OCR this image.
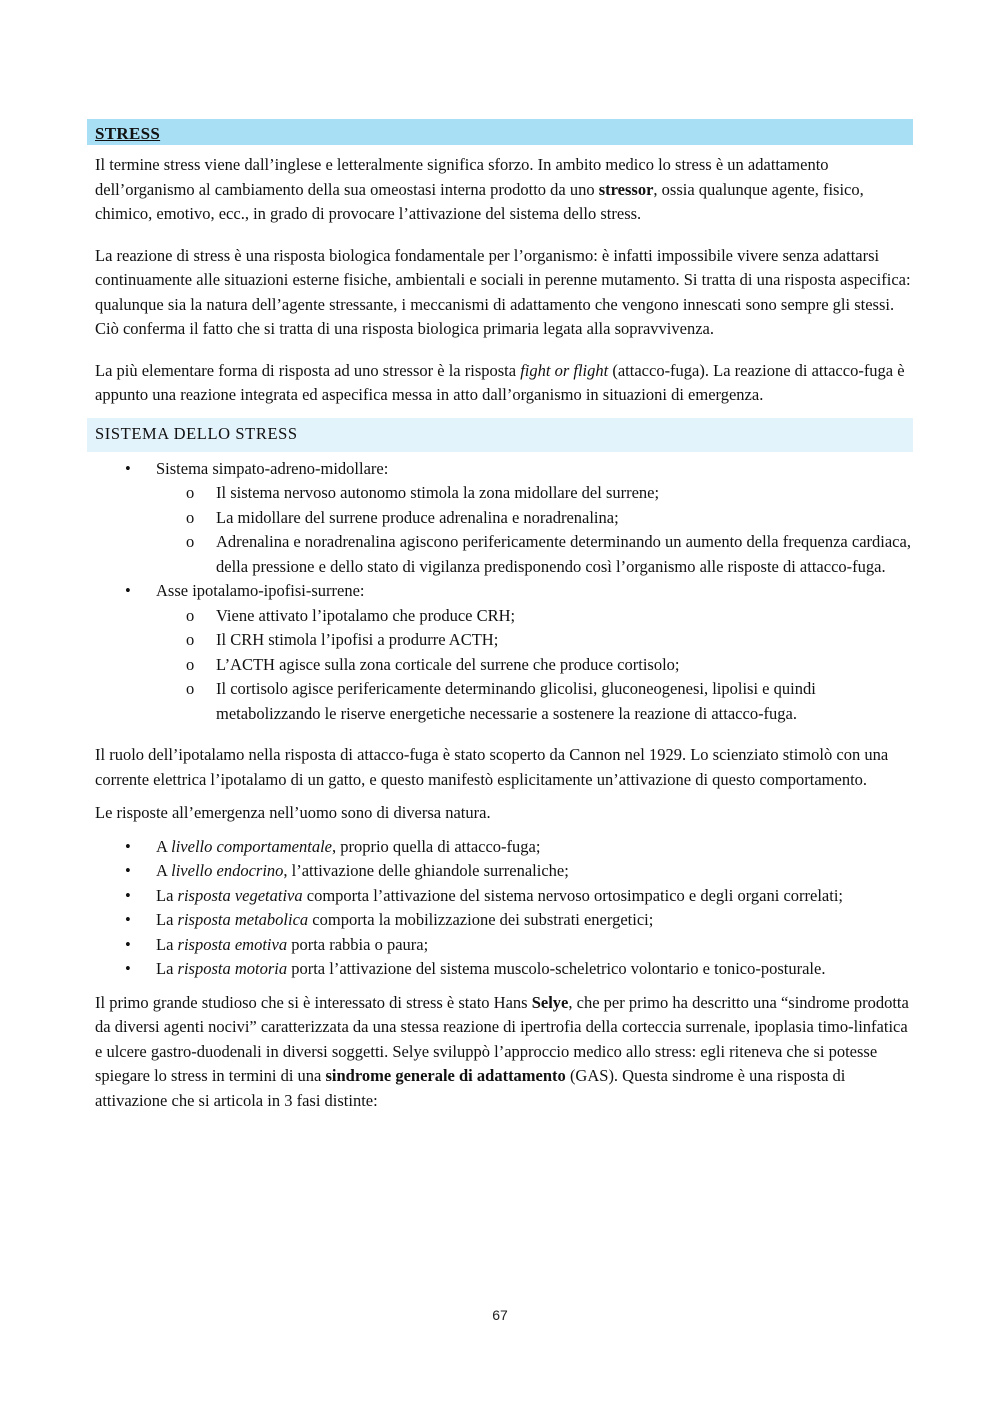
STRESS

Il termine stress viene dall’inglese e letteralmente significa sforzo. In ambito medico lo stress è un adattamento dell’organismo al cambiamento della sua omeostasi interna prodotto da uno stressor, ossia qualunque agente, fisico, chimico, emotivo, ecc., in grado di provocare l’attivazione del sistema dello stress.

La reazione di stress è una risposta biologica fondamentale per l’organismo: è infatti impossibile vivere senza adattarsi continuamente alle situazioni esterne fisiche, ambientali e sociali in perenne mutamento. Si tratta di una risposta aspecifica: qualunque sia la natura dell’agente stressante, i meccanismi di adattamento che vengono innescati sono sempre gli stessi. Ciò conferma il fatto che si tratta di una risposta biologica primaria legata alla sopravvivenza.

La più elementare forma di risposta ad uno stressor è la risposta fight or flight (attacco-fuga). La reazione di attacco-fuga è appunto una reazione integrata ed aspecifica messa in atto dall’organismo in situazioni di emergenza.

SISTEMA DELLO STRESS
• Sistema simpato-adreno-midollare:
o Il sistema nervoso autonomo stimola la zona midollare del surrene;
o La midollare del surrene produce adrenalina e noradrenalina;
o Adrenalina e noradrenalina agiscono perifericamente determinando un aumento della frequenza cardiaca, della pressione e dello stato di vigilanza predisponendo così l’organismo alle risposte di attacco-fuga.
• Asse ipotalamo-ipofisi-surrene:
o Viene attivato l’ipotalamo che produce CRH;
o Il CRH stimola l’ipofisi a produrre ACTH;
o L’ACTH agisce sulla zona corticale del surrene che produce cortisolo;
o Il cortisolo agisce perifericamente determinando glicolisi, gluconeogenesi, lipolisi e quindi metabolizzando le riserve energetiche necessarie a sostenere la reazione di attacco-fuga.

Il ruolo dell’ipotalamo nella risposta di attacco-fuga è stato scoperto da Cannon nel 1929. Lo scienziato stimolò con una corrente elettrica l’ipotalamo di un gatto, e questo manifestò esplicitamente un’attivazione di questo comportamento.

Le risposte all’emergenza nell’uomo sono di diversa natura.

• A livello comportamentale, proprio quella di attacco-fuga;
• A livello endocrino, l’attivazione delle ghiandole surrenaliche;
• La risposta vegetativa comporta l’attivazione del sistema nervoso ortosimpatico e degli organi correlati;
• La risposta metabolica comporta la mobilizzazione dei substrati energetici;
• La risposta emotiva porta rabbia o paura;
• La risposta motoria porta l’attivazione del sistema muscolo-scheletrico volontario e tonico-posturale.

Il primo grande studioso che si è interessato di stress è stato Hans Selye, che per primo ha descritto una “sindrome prodotta da diversi agenti nocivi” caratterizzata da una stessa reazione di ipertrofia della corteccia surrenale, ipoplasia timo-linfatica e ulcere gastro-duodenali in diversi soggetti. Selye sviluppò l’approccio medico allo stress: egli riteneva che si potesse spiegare lo stress in termini di una sindrome generale di adattamento (GAS). Questa sindrome è una risposta di attivazione che si articola in 3 fasi distinte:

67
